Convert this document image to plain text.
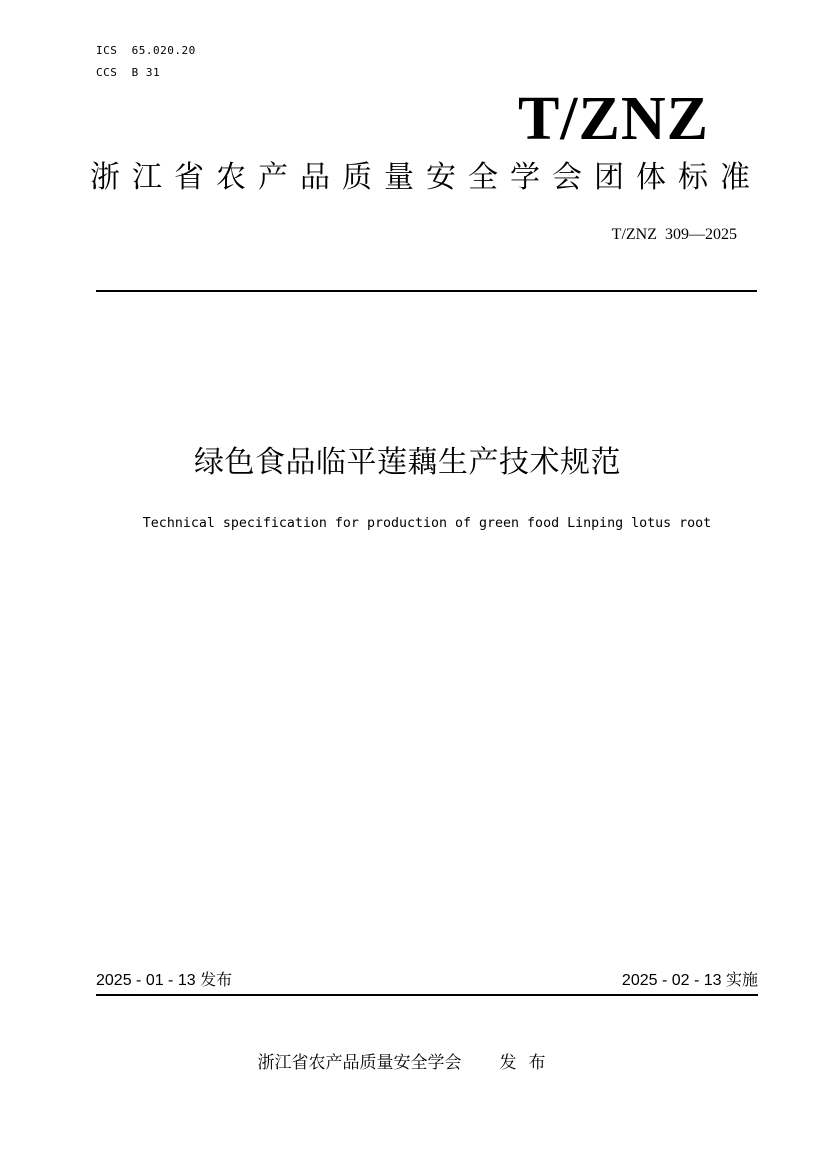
ICS  65.020.20
CCS  B 31
T/ZNZ
浙 江 省 农 产 品 质 量 安 全 学 会 团 体 标 准
T/ZNZ  309—2025
绿色食品临平莲藕生产技术规范
Technical specification for production of green food Linping lotus root
2025 - 01 - 13 发布	2025 - 02 - 13 实施
浙江省农产品质量安全学会 发布
